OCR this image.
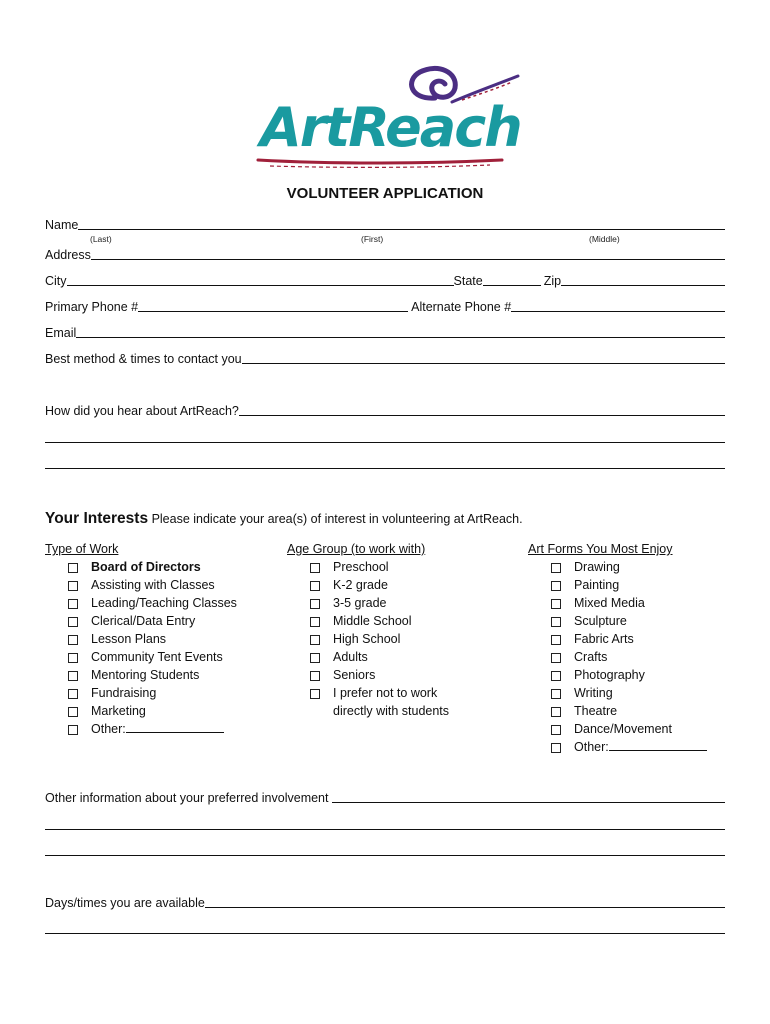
ArtReach
VOLUNTEER APPLICATION
Name
(Last)	(First)	(Middle)
Address
City	State	Zip
Primary Phone #	Alternate Phone #
Email
Best method & times to contact you
How did you hear about ArtReach?
Your Interests Please indicate your area(s) of interest in volunteering at ArtReach.
Type of Work
Board of Directors
Assisting with Classes
Leading/Teaching Classes
Clerical/Data Entry
Lesson Plans
Community Tent Events
Mentoring Students
Fundraising
Marketing
Other:
Age Group (to work with)
Preschool
K-2 grade
3-5 grade
Middle School
High School
Adults
Seniors
I prefer not to work directly with students
Art Forms You Most Enjoy
Drawing
Painting
Mixed Media
Sculpture
Fabric Arts
Crafts
Photography
Writing
Theatre
Dance/Movement
Other:
Other information about your preferred involvement
Days/times you are available
